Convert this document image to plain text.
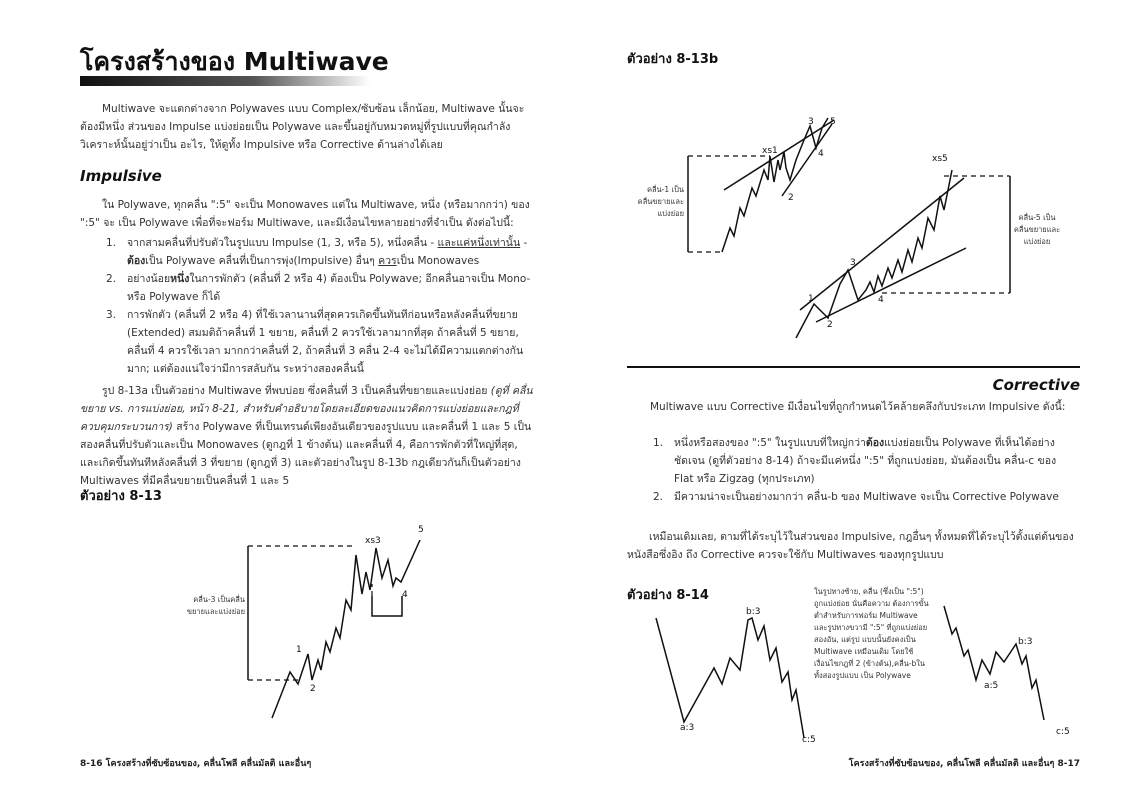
โครงสร้างของ Multiwave

Multiwave จะแตกต่างจาก Polywaves แบบ Complex/ซับซ้อน เล็กน้อย, Multiwave นั้นจะต้องมีหนึ่ง ส่วนของ Impulse แบ่งย่อยเป็น Polywave และขึ้นอยู่กับหมวดหมู่ที่รูปแบบที่คุณกำลังวิเคราะห์นั้นอยู่ว่าเป็น อะไร, ให้ดูทั้ง Impulsive หรือ Corrective ด้านล่างได้เลย

Impulsive

ใน Polywave, ทุกคลื่น ":5" จะเป็น Monowaves แต่ใน Multiwave, หนึ่ง (หรือมากกว่า) ของ ":5" จะ เป็น Polywave เพื่อที่จะฟอร์ม Multiwave, และมีเงื่อนไขหลายอย่างที่จำเป็น ดังต่อไปนี้:

1. จากสามคลื่นที่ปรับตัวในรูปแบบ Impulse (1, 3, หรือ 5), หนึ่งคลื่น - และแค่หนึ่งเท่านั้น - ต้องเป็น Polywave คลื่นที่เป็นการพุ่ง(Impulsive) อื่นๆ ควรเป็น Monowaves
2. อย่างน้อยหนึ่งในการพักตัว (คลื่นที่ 2 หรือ 4) ต้องเป็น Polywave; อีกคลื่นอาจเป็น Mono- หรือ Polywave ก็ได้
3. การพักตัว (คลื่นที่ 2 หรือ 4) ที่ใช้เวลานานที่สุดควรเกิดขึ้นทันทีก่อนหรือหลังคลื่นที่ขยาย (Extended) สมมติถ้าคลื่นที่ 1 ขยาย, คลื่นที่ 2 ควรใช้เวลามากที่สุด ถ้าคลื่นที่ 5 ขยาย, คลื่นที่ 4 ควรใช้เวลา มากกว่าคลื่นที่ 2, ถ้าคลื่นที่ 3 คลื่น 2-4 จะไม่ได้มีความแตกต่างกันมาก; แต่ต้องแน่ใจว่ามีการสลับกัน ระหว่างสองคลื่นนี้

รูป 8-13a เป็นตัวอย่าง Multiwave ที่พบบ่อย ซึ่งคลื่นที่ 3 เป็นคลื่นที่ขยายและแบ่งย่อย (ดูที่ คลื่นขยาย vs. การแบ่งย่อย, หน้า 8-21, สำหรับคำอธิบายโดยละเอียดของแนวคิดการแบ่งย่อยและกฎที่ควบคุมกระบวนการ) สร้าง Polywave ที่เป็นเทรนด์เพียงอันเดียวของรูปแบบ และคลื่นที่ 1 และ 5 เป็นสองคลื่นที่ปรับตัวและเป็น Monowaves (ดูกฎที่ 1 ข้างต้น) และคลื่นที่ 4, คือการพักตัวที่ใหญ่ที่สุด, และเกิดขึ้นทันทีหลังคลื่นที่ 3 ที่ขยาย (ดูกฎที่ 3) และตัวอย่างในรูป 8-13b กฎเดียวกันก็เป็นตัวอย่าง Multiwaves ที่มีคลื่นขยายเป็นคลื่นที่ 1 และ 5

ตัวอย่าง 8-13
คลื่น-3 เป็นคลื่น ขยายและแบ่งย่อย
1
2
xs3
4
5
8-16 โครงสร้างที่ซับซ้อนของ, คลื่นโพลี คลื่นมัลติ และอื่นๆ
ตัวอย่าง 8-13b
คลื่น-1 เป็น คลื่นขยายและ แบ่งย่อย	คลื่น-5 เป็น คลื่นขยายและ แบ่งย่อย
xs1
2
3
4
5
1
2
3
4
xs5
Corrective

Multiwave แบบ Corrective มีเงื่อนไขที่ถูกกำหนดไว้คล้ายคลึงกับประเภท Impulsive ดังนี้:

1. หนึ่งหรือสองของ ":5" ในรูปแบบที่ใหญ่กว่าต้องแบ่งย่อยเป็น Polywave ที่เห็นได้อย่างชัดเจน (ดูที่ตัวอย่าง 8-14) ถ้าจะมีแค่หนึ่ง ":5" ที่ถูกแบ่งย่อย, มันต้องเป็น คลื่น-c ของ Flat หรือ Zigzag (ทุกประเภท)
2. มีความน่าจะเป็นอย่างมากว่า คลื่น-b ของ Multiwave จะเป็น Corrective Polywave

เหมือนเดิมเลย, ตามที่ได้ระบุไว้ในส่วนของ Impulsive, กฎอื่นๆ ทั้งหมดที่ได้ระบุไว้ตั้งแต่ต้นของหนังสือซึ่งอิง ถึง Corrective ควรจะใช้กับ Multiwaves ของทุกรูปแบบ

ตัวอย่าง 8-14	ในรูปทางซ้าย, คลื่น (ซึ่งเป็น ":5") ถูกแบ่งย่อย นั่นคือความ ต้องการขั้นต่ำสำหรับการฟอร์ม Multiwave และรูปทางขวามี ":5" ที่ถูกแบ่งย่อยสองอัน, แต่รูป แบบนั้นยังคงเป็น Multiwave เหมือนเดิม โดยใช้เงื่อนไขกฎที่ 2 (ข้างต้น),คลื่น-bในทั้งสองรูปแบบ เป็น Polywave
a:3
b:3
c:5
a:5
b:3
c:5
โครงสร้างที่ซับซ้อนของ, คลื่นโพลี คลื่นมัลติ และอื่นๆ 8-17
